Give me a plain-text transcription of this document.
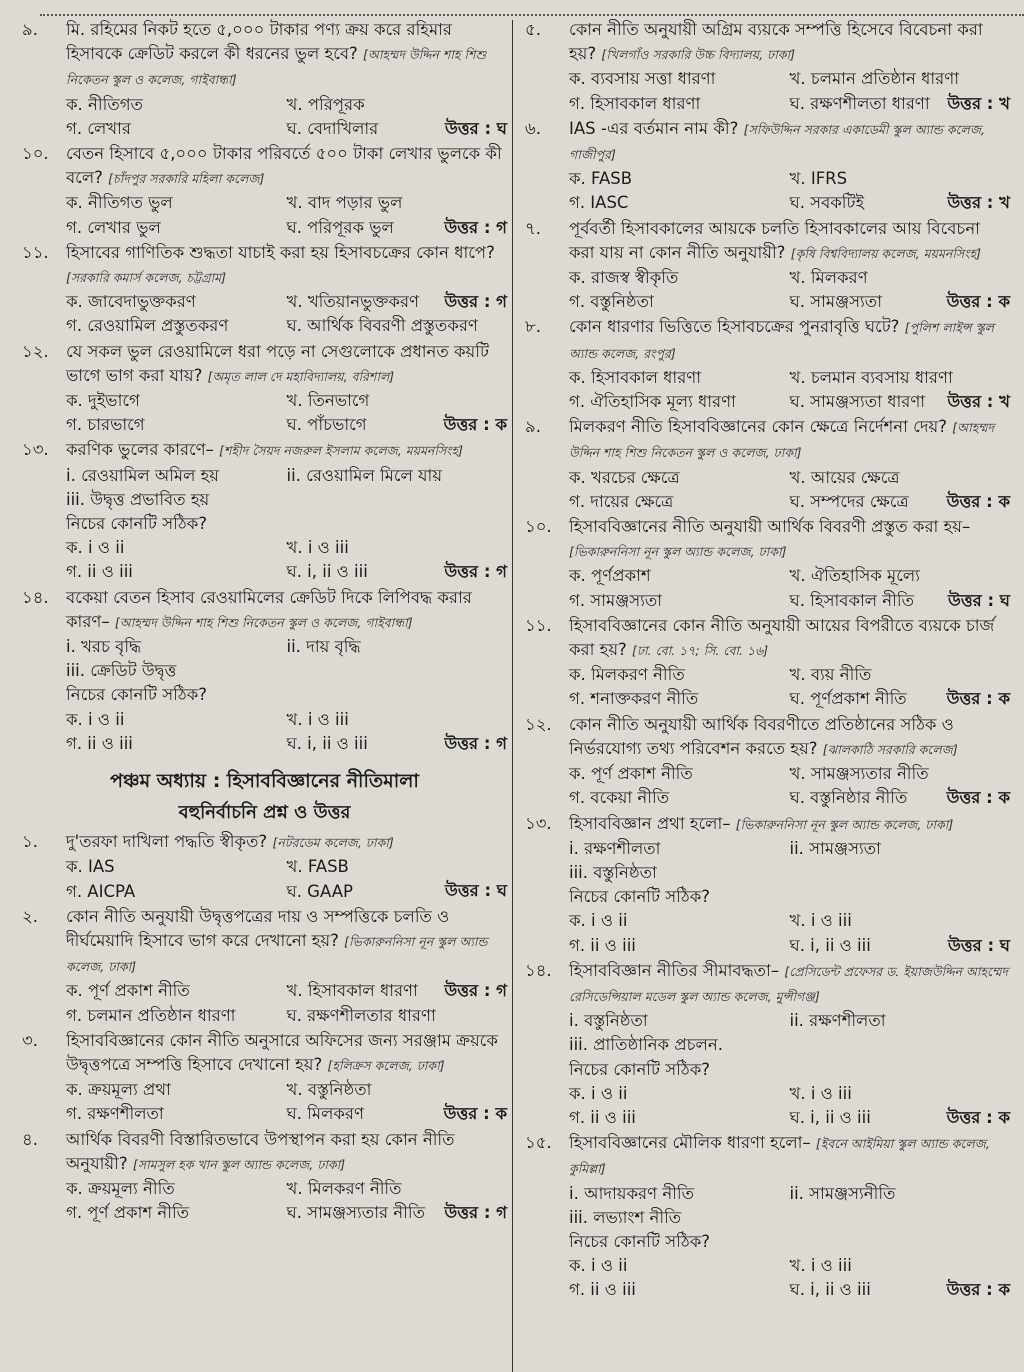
৯.	মি. রহিমের নিকট হতে ৫,০০০ টাকার পণ্য ক্রয় করে রহিমার হিসাবকে ক্রেডিট করলে কী ধরনের ভুল হবে? [আহম্মদ উদ্দিন শাহ শিশু নিকেতন স্কুল ও কলেজ, গাইবান্ধা]
ক. নীতিগত	খ. পরিপূরক
গ. লেখার	ঘ. বেদাখিলার	উত্তর : ঘ
১০.	বেতন হিসাবে ৫,০০০ টাকার পরিবর্তে ৫০০ টাকা লেখার ভুলকে কী বলে? [চাঁদপুর সরকারি মহিলা কলেজ]
ক. নীতিগত ভুল	খ. বাদ পড়ার ভুল
গ. লেখার ভুল	ঘ. পরিপূরক ভুল	উত্তর : গ
১১.	হিসাবের গাণিতিক শুদ্ধতা যাচাই করা হয় হিসাবচক্রের কোন ধাপে? [সরকারি কমার্স কলেজ, চট্টগ্রাম]
ক. জাবেদাভুক্তকরণ	খ. খতিয়ানভুক্তকরণ
গ. রেওয়ামিল প্রস্তুতকরণ	ঘ. আর্থিক বিবরণী প্রস্তুতকরণ
উত্তর : গ
১২.	যে সকল ভুল রেওয়ামিলে ধরা পড়ে না সেগুলোকে প্রধানত কয়টি ভাগে ভাগ করা যায়? [অমৃত লাল দে মহাবিদ্যালয়, বরিশাল]
ক. দুইভাগে	খ. তিনভাগে
গ. চারভাগে	ঘ. পাঁচভাগে	উত্তর : ক
১৩.	করণিক ভুলের কারণে– [শহীদ সৈয়দ নজরুল ইসলাম কলেজ, ময়মনসিংহ]
i. রেওয়ামিল অমিল হয়	ii. রেওয়ামিল মিলে যায়
iii. উদ্বৃত্ত প্রভাবিত হয়
নিচের কোনটি সঠিক?
ক. i ও ii	খ. i ও iii
গ. ii ও iii	ঘ. i, ii ও iii	উত্তর : গ
১৪.	বকেয়া বেতন হিসাব রেওয়ামিলের ক্রেডিট দিকে লিপিবদ্ধ করার কারণ– [আহম্মদ উদ্দিন শাহ শিশু নিকেতন স্কুল ও কলেজ, গাইবান্ধা]
i. খরচ বৃদ্ধি	ii. দায় বৃদ্ধি
iii. ক্রেডিট উদ্বৃত্ত
নিচের কোনটি সঠিক?
ক. i ও ii	খ. i ও iii
গ. ii ও iii	ঘ. i, ii ও iii	উত্তর : গ
পঞ্চম অধ্যায় : হিসাববিজ্ঞানের নীতিমালা
বহুনির্বাচনি প্রশ্ন ও উত্তর
১.	দু'তরফা দাখিলা পদ্ধতি স্বীকৃত? [নটরডেম কলেজ, ঢাকা]
ক. IAS	খ. FASB
গ. AICPA	ঘ. GAAP	উত্তর : ঘ
২.	কোন নীতি অনুযায়ী উদ্বৃত্তপত্রের দায় ও সম্পত্তিকে চলতি ও দীর্ঘমেয়াদি হিসাবে ভাগ করে দেখানো হয়? [ভিকারুননিসা নূন স্কুল অ্যান্ড কলেজ, ঢাকা]
ক. পূর্ণ প্রকাশ নীতি	খ. হিসাবকাল ধারণা
গ. চলমান প্রতিষ্ঠান ধারণা	ঘ. রক্ষণশীলতার ধারণা
উত্তর : গ
৩.	হিসাববিজ্ঞানের কোন নীতি অনুসারে অফিসের জন্য সরঞ্জাম ক্রয়কে উদ্বৃত্তপত্রে সম্পত্তি হিসাবে দেখানো হয়? [হলিক্রস কলেজ, ঢাকা]
ক. ক্রয়মূল্য প্রথা	খ. বস্তুনিষ্ঠতা
গ. রক্ষণশীলতা	ঘ. মিলকরণ	উত্তর : ক
৪.	আর্থিক বিবরণী বিস্তারিতভাবে উপস্থাপন করা হয় কোন নীতি অনুযায়ী? [সামসুল হক খান স্কুল অ্যান্ড কলেজ, ঢাকা]
ক. ক্রয়মূল্য নীতি	খ. মিলকরণ নীতি
গ. পূর্ণ প্রকাশ নীতি	ঘ. সামঞ্জস্যতার নীতি	উত্তর : গ
৫.	কোন নীতি অনুযায়ী অগ্রিম ব্যয়কে সম্পত্তি হিসেবে বিবেচনা করা হয়? [খিলগাঁও সরকারি উচ্চ বিদ্যালয়, ঢাকা]
ক. ব্যবসায় সত্তা ধারণা	খ. চলমান প্রতিষ্ঠান ধারণা
গ. হিসাবকাল ধারণা	ঘ. রক্ষণশীলতা ধারণা	উত্তর : খ
৬.	IAS -এর বর্তমান নাম কী? [সফিউদ্দিন সরকার একাডেমী স্কুল অ্যান্ড কলেজ, গাজীপুর]
ক. FASB	খ. IFRS
গ. IASC	ঘ. সবকটিই	উত্তর : খ
৭.	পূর্ববর্তী হিসাবকালের আয়কে চলতি হিসাবকালের আয় বিবেচনা করা যায় না কোন নীতি অনুযায়ী? [কৃষি বিশ্ববিদ্যালয় কলেজ, ময়মনসিংহ]
ক. রাজস্ব স্বীকৃতি	খ. মিলকরণ
গ. বস্তুনিষ্ঠতা	ঘ. সামঞ্জস্যতা	উত্তর : ক
৮.	কোন ধারণার ভিত্তিতে হিসাবচক্রের পুনরাবৃত্তি ঘটে? [পুলিশ লাইন্স স্কুল অ্যান্ড কলেজ, রংপুর]
ক. হিসাবকাল ধারণা	খ. চলমান ব্যবসায় ধারণা
গ. ঐতিহাসিক মূল্য ধারণা	ঘ. সামঞ্জস্যতা ধারণা	উত্তর : খ
৯.	মিলকরণ নীতি হিসাববিজ্ঞানের কোন ক্ষেত্রে নির্দেশনা দেয়? [আহম্মদ উদ্দিন শাহ শিশু নিকেতন স্কুল ও কলেজ, ঢাকা]
ক. খরচের ক্ষেত্রে	খ. আয়ের ক্ষেত্রে
গ. দায়ের ক্ষেত্রে	ঘ. সম্পদের ক্ষেত্রে	উত্তর : ক
১০.	হিসাববিজ্ঞানের নীতি অনুযায়ী আর্থিক বিবরণী প্রস্তুত করা হয়– [ভিকারুননিসা নূন স্কুল অ্যান্ড কলেজ, ঢাকা]
ক. পূর্ণপ্রকাশ	খ. ঐতিহাসিক মূল্যে
গ. সামঞ্জস্যতা	ঘ. হিসাবকাল নীতি	উত্তর : ঘ
১১.	হিসাববিজ্ঞানের কোন নীতি অনুযায়ী আয়ের বিপরীতে ব্যয়কে চার্জ করা হয়? [ঢা. বো. ১৭; সি. বো. ১৬]
ক. মিলকরণ নীতি	খ. ব্যয় নীতি
গ. শনাক্তকরণ নীতি	ঘ. পূর্ণপ্রকাশ নীতি	উত্তর : ক
১২.	কোন নীতি অনুযায়ী আর্থিক বিবরণীতে প্রতিষ্ঠানের সঠিক ও নির্ভরযোগ্য তথ্য পরিবেশন করতে হয়? [ঝালকাঠি সরকারি কলেজ]
ক. পূর্ণ প্রকাশ নীতি	খ. সামঞ্জস্যতার নীতি
গ. বকেয়া নীতি	ঘ. বস্তুনিষ্ঠার নীতি	উত্তর : ক
১৩.	হিসাববিজ্ঞান প্রথা হলো– [ভিকারুননিসা নূন স্কুল অ্যান্ড কলেজ, ঢাকা]
i. রক্ষণশীলতা	ii. সামঞ্জস্যতা
iii. বস্তুনিষ্ঠতা
নিচের কোনটি সঠিক?
ক. i ও ii	খ. i ও iii
গ. ii ও iii	ঘ. i, ii ও iii	উত্তর : ঘ
১৪.	হিসাববিজ্ঞান নীতির সীমাবদ্ধতা– [প্রেসিডেন্ট প্রফেসর ড. ইয়াজউদ্দিন আহম্মেদ রেসিডেন্সিয়াল মডেল স্কুল অ্যান্ড কলেজ, মুন্সীগঞ্জ]
i. বস্তুনিষ্ঠতা	ii. রক্ষণশীলতা
iii. প্রাতিষ্ঠানিক প্রচলন.
নিচের কোনটি সঠিক?
ক. i ও ii	খ. i ও iii
গ. ii ও iii	ঘ. i, ii ও iii	উত্তর : ক
১৫.	হিসাববিজ্ঞানের মৌলিক ধারণা হলো– [ইবনে আইমিয়া স্কুল অ্যান্ড কলেজ, কুমিল্লা]
i. আদায়করণ নীতি	ii. সামঞ্জস্যনীতি
iii. লভ্যাংশ নীতি
নিচের কোনটি সঠিক?
ক. i ও ii	খ. i ও iii
গ. ii ও iii	ঘ. i, ii ও iii	উত্তর : ক
